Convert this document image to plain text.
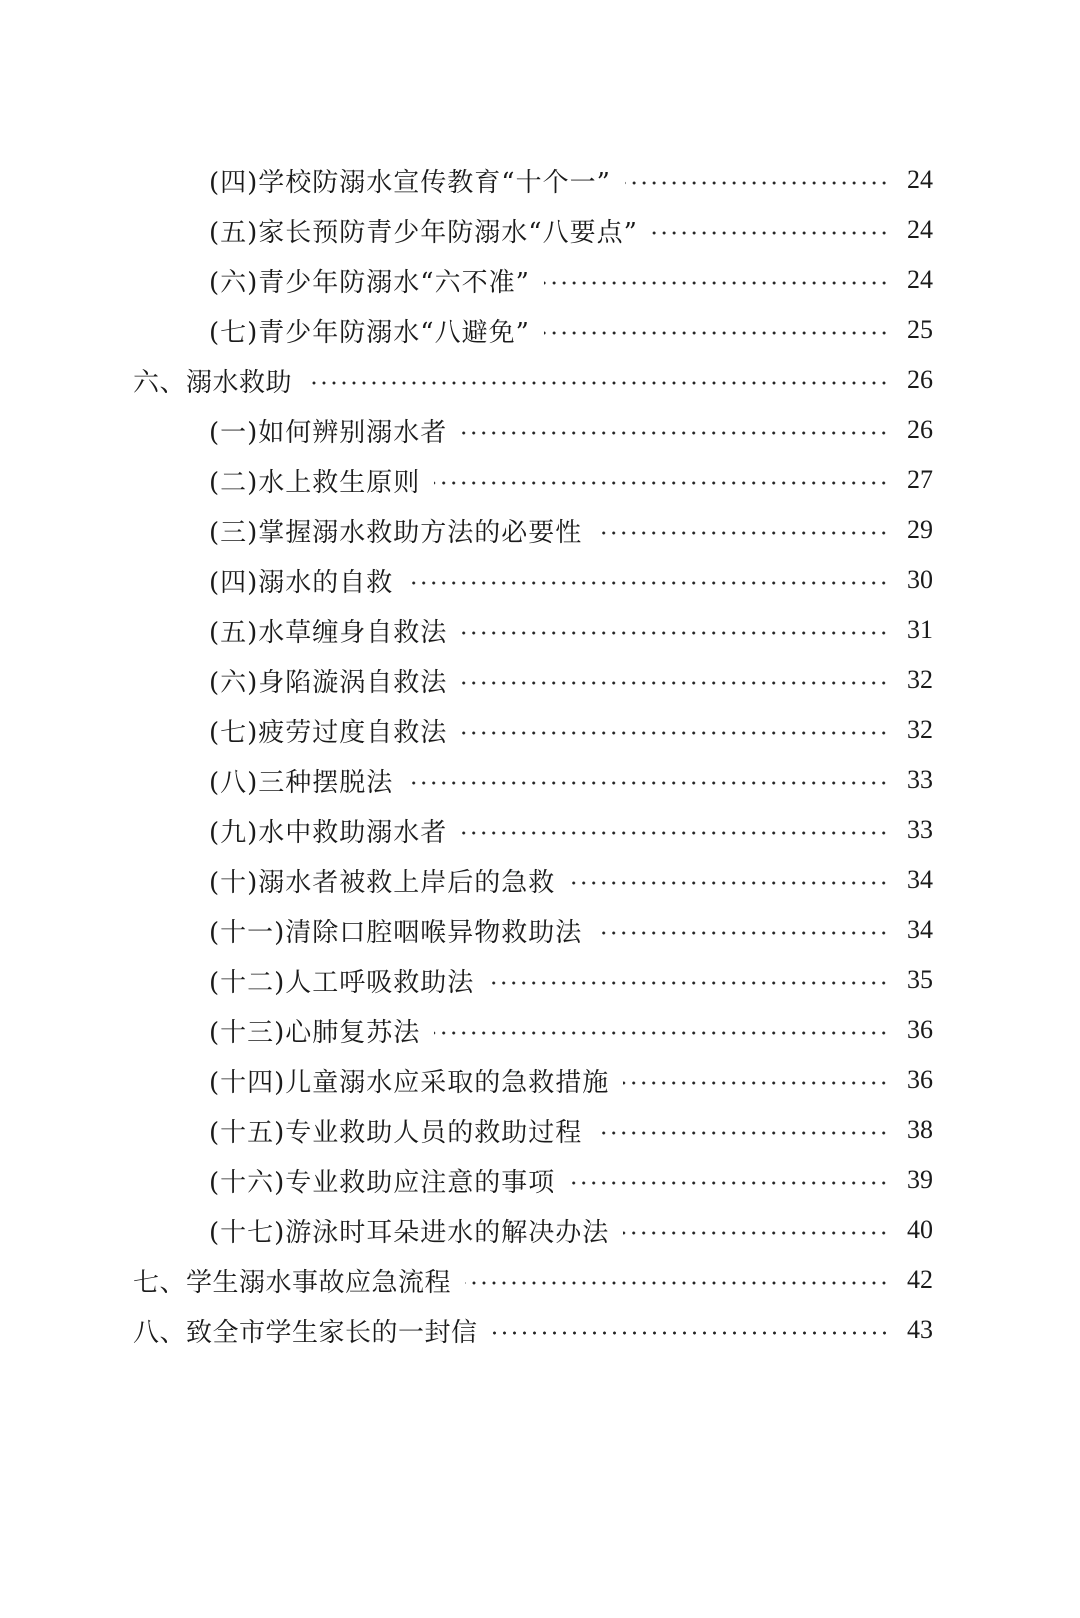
(四)学校防溺水宣传教育“十个一”	24
(五)家长预防青少年防溺水“八要点”	24
(六)青少年防溺水“六不准”	24
(七)青少年防溺水“八避免”	25
六、溺水救助	26
(一)如何辨别溺水者	26
(二)水上救生原则	27
(三)掌握溺水救助方法的必要性	29
(四)溺水的自救	30
(五)水草缠身自救法	31
(六)身陷漩涡自救法	32
(七)疲劳过度自救法	32
(八)三种摆脱法	33
(九)水中救助溺水者	33
(十)溺水者被救上岸后的急救	34
(十一)清除口腔咽喉异物救助法	34
(十二)人工呼吸救助法	35
(十三)心肺复苏法	36
(十四)儿童溺水应采取的急救措施	36
(十五)专业救助人员的救助过程	38
(十六)专业救助应注意的事项	39
(十七)游泳时耳朵进水的解决办法	40
七、学生溺水事故应急流程	42
八、致全市学生家长的一封信	43
